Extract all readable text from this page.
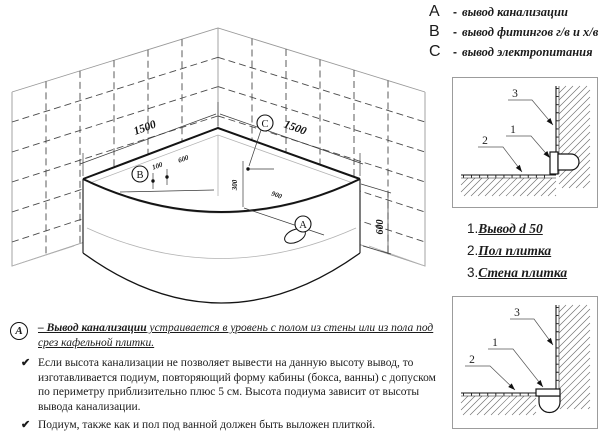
1500	1500
100
600
300
900
600
B
C
A
A	- вывод канализации
B	- вывод фитингов г/в и х/в
C	- вывод электропитания
3
1
2
1. Вывод d 50
2. Пол плитка
3. Стена плитка
3
1
2
A	– Вывод канализации устраивается в уровень с полом из стены или из пола под срез кафельной плитки.
✔ Если высота канализации не позволяет вывести на данную высоту вывод, то изготавливается подиум, повторяющий форму кабины (бокса, ванны) с допуском по периметру приблизительно плюс 5 см. Высота подиума зависит от высоты вывода канализации.
✔ Подиум, также как и пол под ванной должен быть выложен плиткой.
